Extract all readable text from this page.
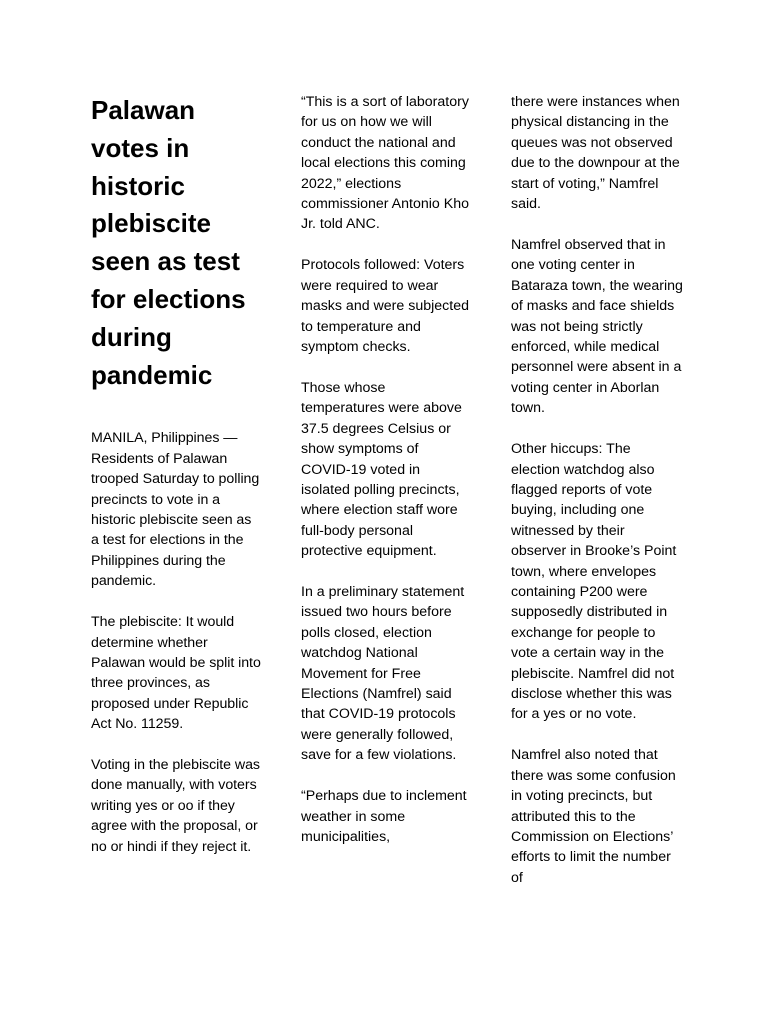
Palawan votes in historic plebiscite seen as test for elections during pandemic

MANILA, Philippines — Residents of Palawan trooped Saturday to polling precincts to vote in a historic plebiscite seen as a test for elections in the Philippines during the pandemic.

The plebiscite: It would determine whether Palawan would be split into three provinces, as proposed under Republic Act No. 11259.

Voting in the plebiscite was done manually, with voters writing yes or oo if they agree with the proposal, or no or hindi if they reject it.

“This is a sort of laboratory for us on how we will conduct the national and local elections this coming 2022,” elections commissioner Antonio Kho Jr. told ANC.

Protocols followed: Voters were required to wear masks and were subjected to temperature and symptom checks.

Those whose temperatures were above 37.5 degrees Celsius or show symptoms of COVID-19 voted in isolated polling precincts, where election staff wore full-body personal protective equipment.

In a preliminary statement issued two hours before polls closed, election watchdog National Movement for Free Elections (Namfrel) said that COVID-19 protocols were generally followed, save for a few violations.

“Perhaps due to inclement weather in some municipalities,

there were instances when physical distancing in the queues was not observed due to the downpour at the start of voting,” Namfrel said.

Namfrel observed that in one voting center in Bataraza town, the wearing of masks and face shields was not being strictly enforced, while medical personnel were absent in a voting center in Aborlan town.

Other hiccups: The election watchdog also flagged reports of vote buying, including one witnessed by their observer in Brooke’s Point town, where envelopes containing P200 were supposedly distributed in exchange for people to vote a certain way in the plebiscite. Namfrel did not disclose whether this was for a yes or no vote.

Namfrel also noted that there was some confusion in voting precincts, but attributed this to the Commission on Elections’ efforts to limit the number of
